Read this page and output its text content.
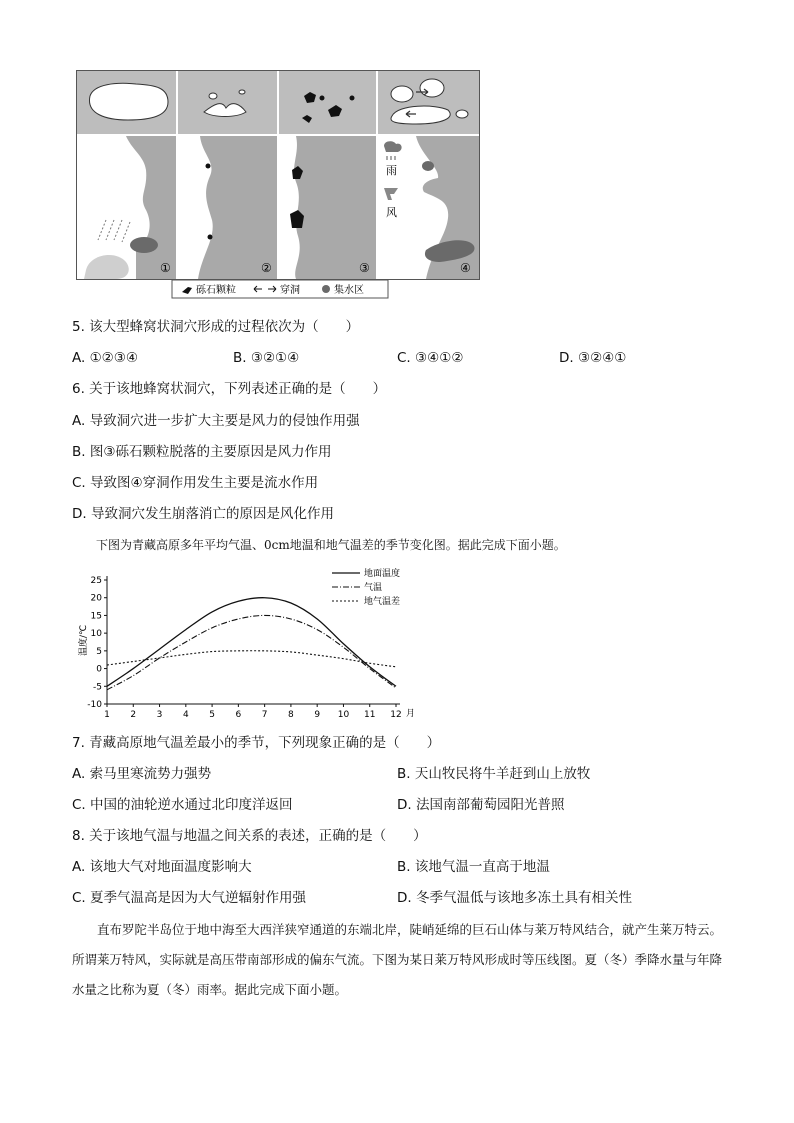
①	②	③
雨
风
④
砾石颗粒	穿洞	集水区
5. 该大型蜂窝状洞穴形成的过程依次为（　　）
A. ①②③④	B. ③②①④	C. ③④①②	D. ③②④①
6. 关于该地蜂窝状洞穴，下列表述正确的是（　　）
A. 导致洞穴进一步扩大主要是风力的侵蚀作用强
B. 图③砾石颗粒脱落的主要原因是风力作用
C. 导致图④穿洞作用发生主要是流水作用
D. 导致洞穴发生崩落消亡的原因是风化作用
下图为青藏高原多年平均气温、0cm地温和地气温差的季节变化图。据此完成下面小题。
-10
-5
0
5
10
15
20
25
1 2 3 4 5 6 7 8 9 10 11 12 月
温度/℃
地面温度
气温
地气温差
7. 青藏高原地气温差最小的季节，下列现象正确的是（　　）
A. 索马里寒流势力强势	B. 天山牧民将牛羊赶到山上放牧
C. 中国的油轮逆水通过北印度洋返回	D. 法国南部葡萄园阳光普照
8. 关于该地气温与地温之间关系的表述，正确的是（　　）
A. 该地大气对地面温度影响大	B. 该地气温一直高于地温
C. 夏季气温高是因为大气逆辐射作用强	D. 冬季气温低与该地多冻土具有相关性
直布罗陀半岛位于地中海至大西洋狭窄通道的东端北岸，陡峭延绵的巨石山体与莱万特风结合，就产生莱万特云。所谓莱万特风，实际就是高压带南部形成的偏东气流。下图为某日莱万特风形成时等压线图。夏（冬）季降水量与年降水量之比称为夏（冬）雨率。据此完成下面小题。
